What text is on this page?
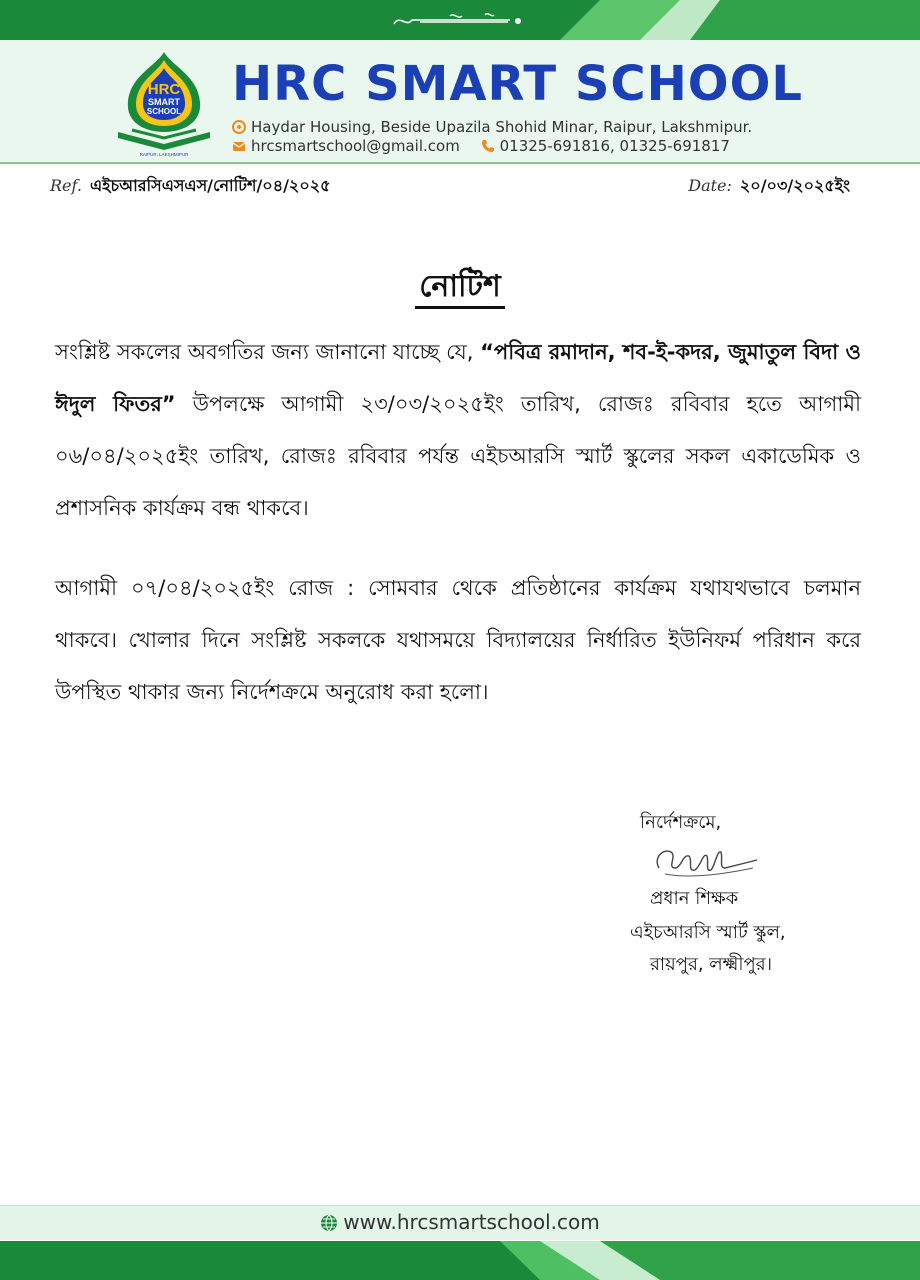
HRC
SMART
SCHOOL
RAIPUR, LAKSHMIPUR
HRC SMART SCHOOL
Haydar Housing, Beside Upazila Shohid Minar, Raipur, Lakshmipur.
hrcsmartschool@gmail.com	01325-691816, 01325-691817
Ref. এইচআরসিএসএস/নোটিশ/০৪/২০২৫	Date: ২০/০৩/২০২৫ইং
নোটিশ
সংশ্লিষ্ট সকলের অবগতির জন্য জানানো যাচ্ছে যে, “পবিত্র রমাদান, শব-ই-কদর, জুমাতুল বিদা ও ঈদুল ফিতর” উপলক্ষে আগামী ২৩/০৩/২০২৫ইং তারিখ, রোজঃ রবিবার হতে আগামী ০৬/০৪/২০২৫ইং তারিখ, রোজঃ রবিবার পর্যন্ত এইচআরসি স্মার্ট স্কুলের সকল একাডেমিক ও প্রশাসনিক কার্যক্রম বন্ধ থাকবে।
আগামী ০৭/০৪/২০২৫ইং রোজ : সোমবার থেকে প্রতিষ্ঠানের কার্যক্রম যথাযথভাবে চলমান থাকবে। খোলার দিনে সংশ্লিষ্ট সকলকে যথাসময়ে বিদ্যালয়ের নির্ধারিত ইউনিফর্ম পরিধান করে উপস্থিত থাকার জন্য নির্দেশক্রমে অনুরোধ করা হলো।
নির্দেশক্রমে,
প্রধান শিক্ষক
এইচআরসি স্মার্ট স্কুল,
রায়পুর, লক্ষ্মীপুর।
www.hrcsmartschool.com
